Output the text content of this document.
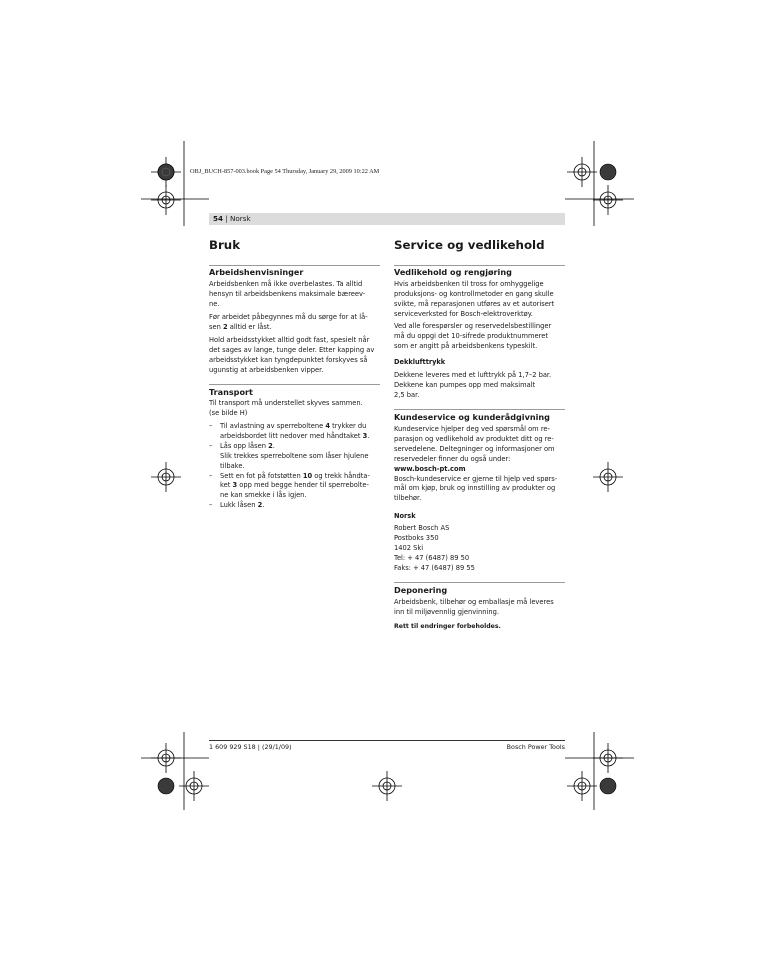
OBJ_BUCH-857-003.book Page 54 Thursday, January 29, 2009 10:22 AM
54 | Norsk
Bruk
Arbeidshenvisninger
Arbeidsbenken må ikke overbelastes. Ta alltid
hensyn til arbeidsbenkens maksimale bæreev-
ne.
Før arbeidet påbegynnes må du sørge for at lå-
sen 2 alltid er låst.
Hold arbeidsstykket alltid godt fast, spesielt når
det sages av lange, tunge deler. Etter kapping av
arbeidsstykket kan tyngdepunktet forskyves så
ugunstig at arbeidsbenken vipper.
Transport
Til transport må understellet skyves sammen.
(se bilde H)
– Til avlastning av sperreboltene 4 trykker du
arbeidsbordet litt nedover med håndtaket 3.
– Lås opp låsen 2.
Slik trekkes sperreboltene som låser hjulene
tilbake.
– Sett en fot på fotstøtten 10 og trekk håndta-
ket 3 opp med begge hender til sperrebolte-
ne kan smekke i lås igjen.
– Lukk låsen 2.
Service og vedlikehold
Vedlikehold og rengjøring
Hvis arbeidsbenken til tross for omhyggelige
produksjons- og kontrollmetoder en gang skulle
svikte, må reparasjonen utføres av et autorisert
serviceverksted for Bosch-elektroverktøy.
Ved alle forespørsler og reservedelsbestillinger
må du oppgi det 10-sifrede produktnummeret
som er angitt på arbeidsbenkens typeskilt.
Dekklufttrykk
Dekkene leveres med et lufttrykk på 1,7–2 bar.
Dekkene kan pumpes opp med maksimalt
2,5 bar.
Kundeservice og kunderådgivning
Kundeservice hjelper deg ved spørsmål om re-
parasjon og vedlikehold av produktet ditt og re-
servedelene. Deltegninger og informasjoner om
reservedeler finner du også under:
www.bosch-pt.com
Bosch-kundeservice er gjerne til hjelp ved spørs-
mål om kjøp, bruk og innstilling av produkter og
tilbehør.
Norsk
Robert Bosch AS
Postboks 350
1402 Ski
Tel: + 47 (6487) 89 50
Faks: + 47 (6487) 89 55
Deponering
Arbeidsbenk, tilbehør og emballasje må leveres
inn til miljøvennlig gjenvinning.
Rett til endringer forbeholdes.
1 609 929 S18 | (29/1/09)	Bosch Power Tools
